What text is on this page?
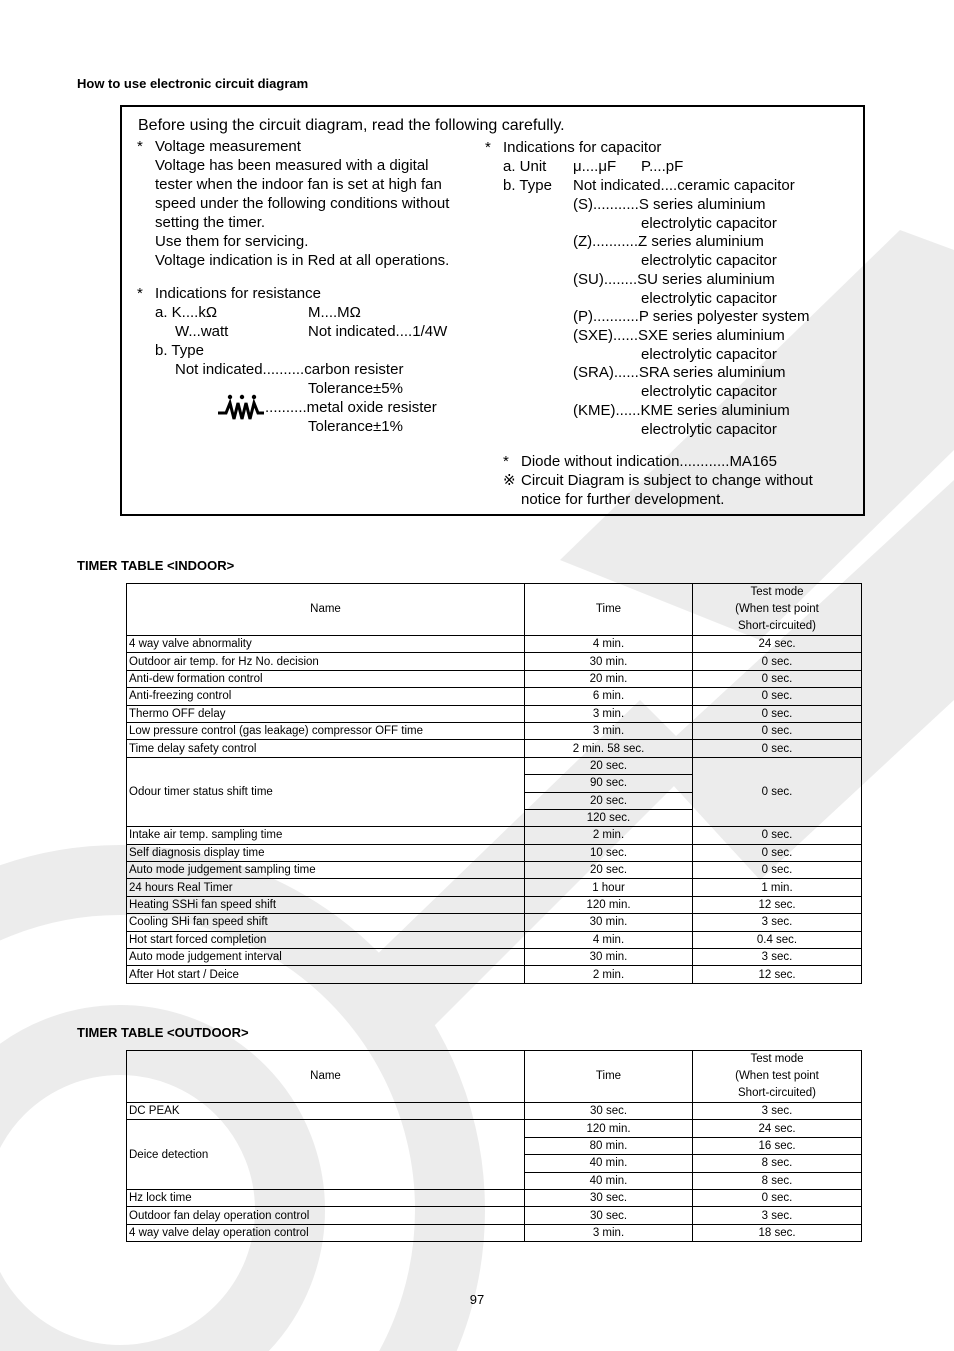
How to use electronic circuit diagram
Before using the circuit diagram, read the following carefully.
* Voltage measurement
Voltage has been measured with a digital
tester when the indoor fan is set at high fan
speed under the following conditions without
setting the timer.
Use them for servicing.
Voltage indication is in Red at all operations.
* Indications for resistance
a. K....kΩ	M....MΩ
W...watt	Not indicated....1/4W
b. Type
Not indicated..........carbon resister
Tolerance±5%
..........metal oxide resister
Tolerance±1%
* Indications for capacitor
a. Unit μ....μF P....pF
b. Type Not indicated....ceramic capacitor
(S)...........S series aluminium
electrolytic capacitor
(Z)...........Z series aluminium
electrolytic capacitor
(SU)........SU series aluminium
electrolytic capacitor
(P)...........P series polyester system
(SXE)......SXE series aluminium
electrolytic capacitor
(SRA)......SRA series aluminium
electrolytic capacitor
(KME)......KME series aluminium
electrolytic capacitor
* Diode without indication............MA165
※ Circuit Diagram is subject to change without
notice for further development.
TIMER TABLE <INDOOR>
Name	Time	Test mode
(When test point
Short-circuited)

4 way valve abnormality	4 min.	24 sec.
Outdoor air temp. for Hz No. decision	30 min.	0 sec.
Anti-dew formation control	20 min.	0 sec.
Anti-freezing control	6 min.	0 sec.
Thermo OFF delay	3 min.	0 sec.
Low pressure control (gas leakage) compressor OFF time	3 min.	0 sec.
Time delay safety control	2 min. 58 sec.	0 sec.
Odour timer status shift time	20 sec.	0 sec.
	90 sec.	
	20 sec.	
	120 sec.	
Intake air temp. sampling time	2 min.	0 sec.
Self diagnosis display time	10 sec.	0 sec.
Auto mode judgement sampling time	20 sec.	0 sec.
24 hours Real Timer	1 hour	1 min.
Heating SSHi fan speed shift	120 min.	12 sec.
Cooling SHi fan speed shift	30 min.	3 sec.
Hot start forced completion	4 min.	0.4 sec.
Auto mode judgement interval	30 min.	3 sec.
After Hot start / Deice	2 min.	12 sec.
TIMER TABLE <OUTDOOR>
Name	Time	Test mode
(When test point
Short-circuited)

DC PEAK	30 sec.	3 sec.
Deice detection	120 min.	24 sec.
	80 min.	16 sec.
	40 min.	8 sec.
	40 min.	8 sec.
Hz lock time	30 sec.	0 sec.
Outdoor fan delay operation control	30 sec.	3 sec.
4 way valve delay operation control	3 min.	18 sec.
97
